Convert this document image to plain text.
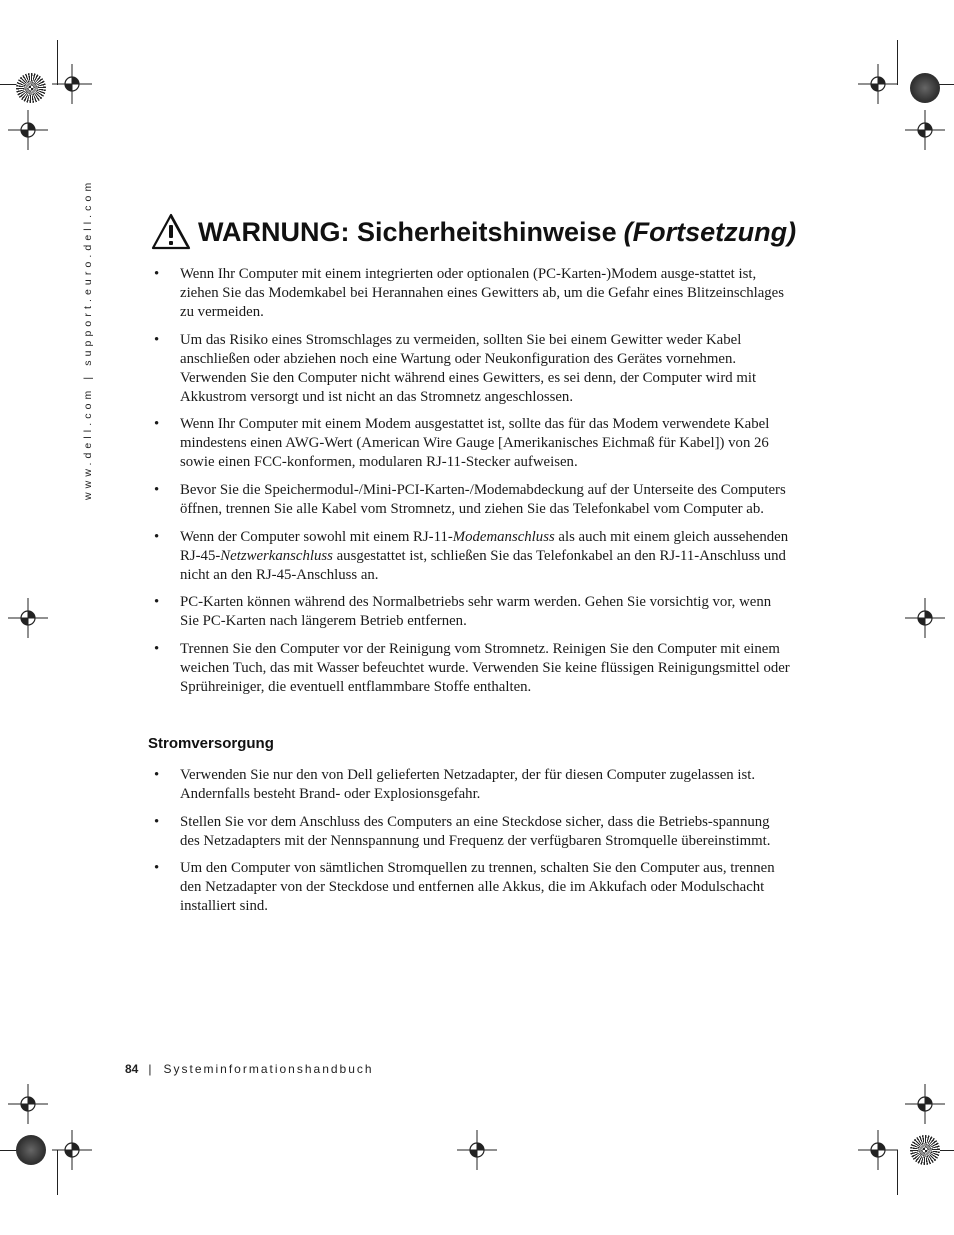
www.dell.com | support.euro.dell.com	WARNUNG: Sicherheitshinweise (Fortsetzung)
• Wenn Ihr Computer mit einem integrierten oder optionalen (PC-Karten-)Modem ausge-stattet ist, ziehen Sie das Modemkabel bei Herannahen eines Gewitters ab, um die Gefahr eines Blitzeinschlages zu vermeiden.
• Um das Risiko eines Stromschlages zu vermeiden, sollten Sie bei einem Gewitter weder Kabel anschließen oder abziehen noch eine Wartung oder Neukonfiguration des Gerätes vornehmen. Verwenden Sie den Computer nicht während eines Gewitters, es sei denn, der Computer wird mit Akkustrom versorgt und ist nicht an das Stromnetz angeschlossen.
• Wenn Ihr Computer mit einem Modem ausgestattet ist, sollte das für das Modem verwendete Kabel mindestens einen AWG-Wert (American Wire Gauge [Amerikanisches Eichmaß für Kabel]) von 26 sowie einen FCC-konformen, modularen RJ-11-Stecker aufweisen.
• Bevor Sie die Speichermodul-/Mini-PCI-Karten-/Modemabdeckung auf der Unterseite des Computers öffnen, trennen Sie alle Kabel vom Stromnetz, und ziehen Sie das Telefonkabel vom Computer ab.
• Wenn der Computer sowohl mit einem RJ-11-Modemanschluss als auch mit einem gleich aussehenden RJ-45-Netzwerkanschluss ausgestattet ist, schließen Sie das Telefonkabel an den RJ-11-Anschluss und nicht an den RJ-45-Anschluss an.
• PC-Karten können während des Normalbetriebs sehr warm werden. Gehen Sie vorsichtig vor, wenn Sie PC-Karten nach längerem Betrieb entfernen.
• Trennen Sie den Computer vor der Reinigung vom Stromnetz. Reinigen Sie den Computer mit einem weichen Tuch, das mit Wasser befeuchtet wurde. Verwenden Sie keine flüssigen Reinigungsmittel oder Sprühreiniger, die eventuell entflammbare Stoffe enthalten.
Stromversorgung
• Verwenden Sie nur den von Dell gelieferten Netzadapter, der für diesen Computer zugelassen ist. Andernfalls besteht Brand- oder Explosionsgefahr.
• Stellen Sie vor dem Anschluss des Computers an eine Steckdose sicher, dass die Betriebs-spannung des Netzadapters mit der Nennspannung und Frequenz der verfügbaren Stromquelle übereinstimmt.
• Um den Computer von sämtlichen Stromquellen zu trennen, schalten Sie den Computer aus, trennen den Netzadapter von der Steckdose und entfernen alle Akkus, die im Akkufach oder Modulschacht installiert sind.
84 | Systeminformationshandbuch
